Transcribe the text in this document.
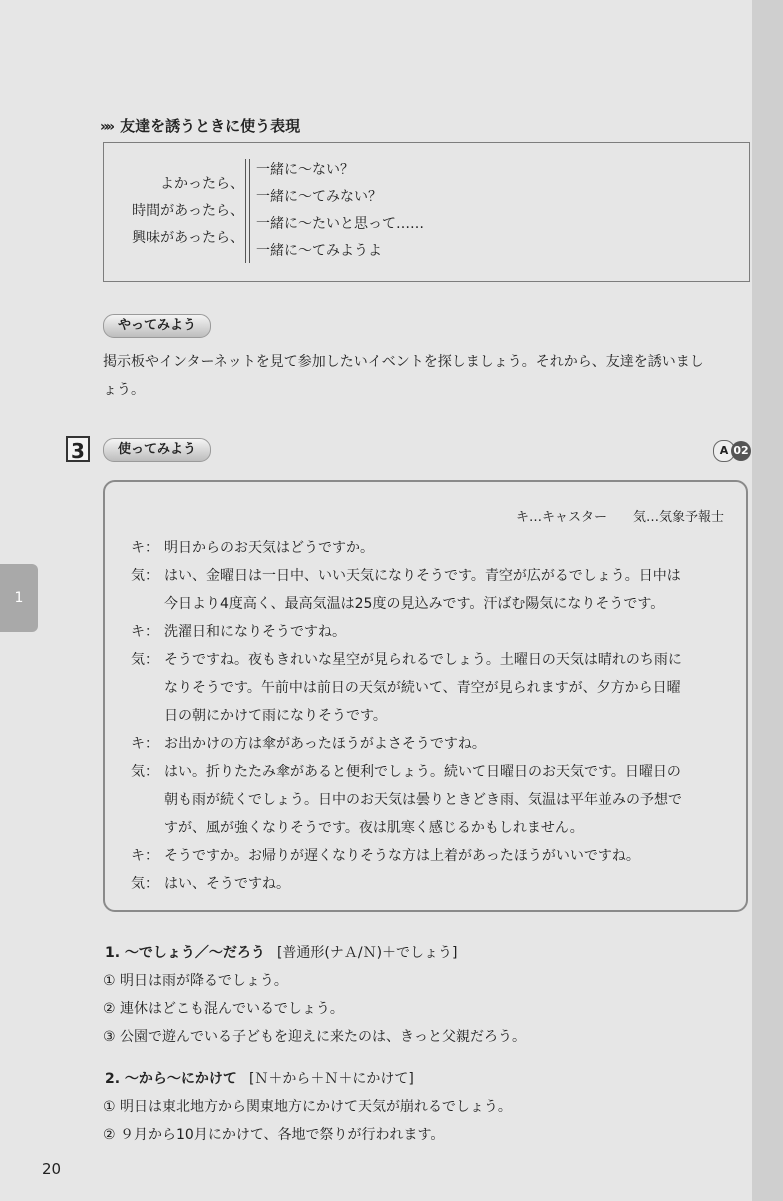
»» 友達を誘うときに使う表現
よかったら、
時間があったら、
興味があったら、
一緒に～ない？
一緒に～てみない？
一緒に～たいと思って……
一緒に～てみようよ
やってみよう
掲示板やインターネットを見て参加したいイベントを探しましょう。それから、友達を誘いまし
ょう。
3	使ってみよう	A 02
キ…キャスター　　気…気象予報士
キ： 明日からのお天気はどうですか。
気： はい、金曜日は一日中、いい天気になりそうです。青空が広がるでしょう。日中は
今日より4度高く、最高気温は25度の見込みです。汗ばむ陽気になりそうです。
キ： 洗濯日和になりそうですね。
気： そうですね。夜もきれいな星空が見られるでしょう。土曜日の天気は晴れのち雨に
なりそうです。午前中は前日の天気が続いて、青空が見られますが、夕方から日曜
日の朝にかけて雨になりそうです。
キ： お出かけの方は傘があったほうがよさそうですね。
気： はい。折りたたみ傘があると便利でしょう。続いて日曜日のお天気です。日曜日の
朝も雨が続くでしょう。日中のお天気は曇りときどき雨、気温は平年並みの予想で
すが、風が強くなりそうです。夜は肌寒く感じるかもしれません。
キ： そうですか。お帰りが遅くなりそうな方は上着があったほうがいいですね。
気： はい、そうですね。
1
1. ～でしょう／～だろう [普通形(ナＡ/Ｎ)＋でしょう]
① 明日は雨が降るでしょう。
② 連休はどこも混んでいるでしょう。
③ 公園で遊んでいる子どもを迎えに来たのは、きっと父親だろう。
2. ～から～にかけて [Ｎ＋から＋Ｎ＋にかけて]
① 明日は東北地方から関東地方にかけて天気が崩れるでしょう。
② ９月から10月にかけて、各地で祭りが行われます。
20
